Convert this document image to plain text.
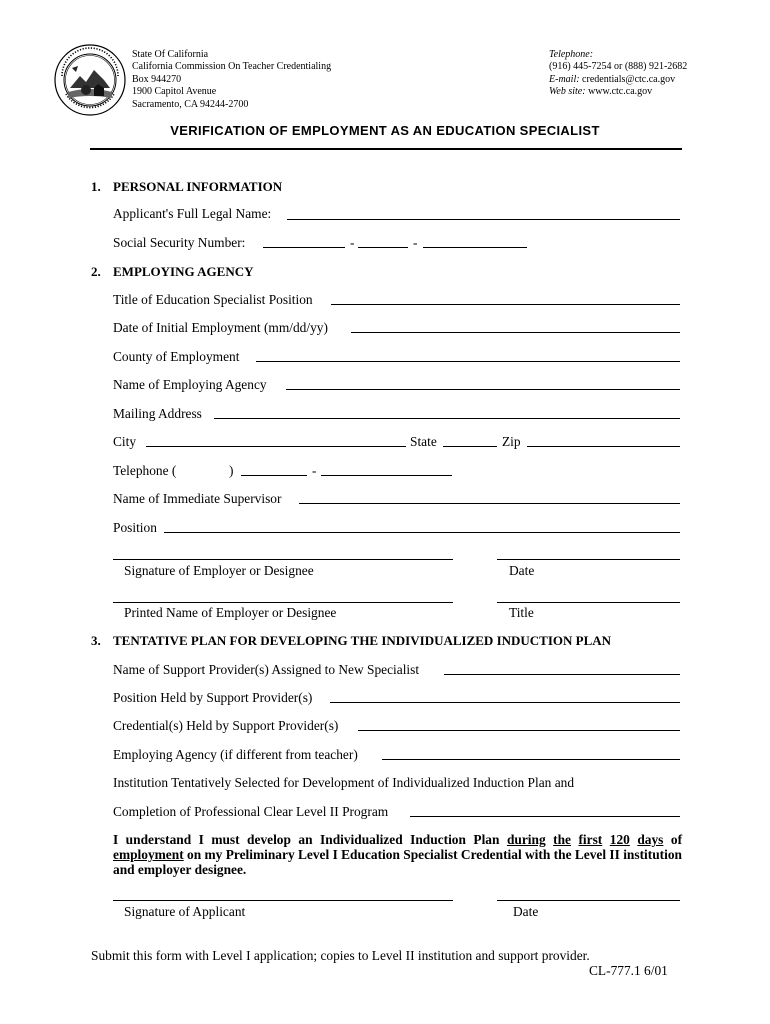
State Of California
California Commission On Teacher Credentialing
Box 944270
1900 Capitol Avenue
Sacramento, CA 94244-2700
Telephone:
(916) 445-7254 or (888) 921-2682
E-mail: credentials@ctc.ca.gov
Web site: www.ctc.ca.gov
VERIFICATION OF EMPLOYMENT AS AN EDUCATION SPECIALIST
1. PERSONAL INFORMATION
Applicant's Full Legal Name:
Social Security Number:	-	-
2. EMPLOYING AGENCY
Title of Education Specialist Position
Date of Initial Employment (mm/dd/yy)
County of Employment
Name of Employing Agency
Mailing Address
City	State	Zip
Telephone (	)	-
Name of Immediate Supervisor
Position
Signature of Employer or Designee	Date
Printed Name of Employer or Designee	Title
3. TENTATIVE PLAN FOR DEVELOPING THE INDIVIDUALIZED INDUCTION PLAN
Name of Support Provider(s) Assigned to New Specialist
Position Held by Support Provider(s)
Credential(s) Held by Support Provider(s)
Employing Agency (if different from teacher)
Institution Tentatively Selected for Development of Individualized Induction Plan and
Completion of Professional Clear Level II Program
I understand I must develop an Individualized Induction Plan during the first 120 days of employment on my Preliminary Level I Education Specialist Credential with the Level II institution and employer designee.
Signature of Applicant	Date
Submit this form with Level I application; copies to Level II institution and support provider.
CL-777.1 6/01
